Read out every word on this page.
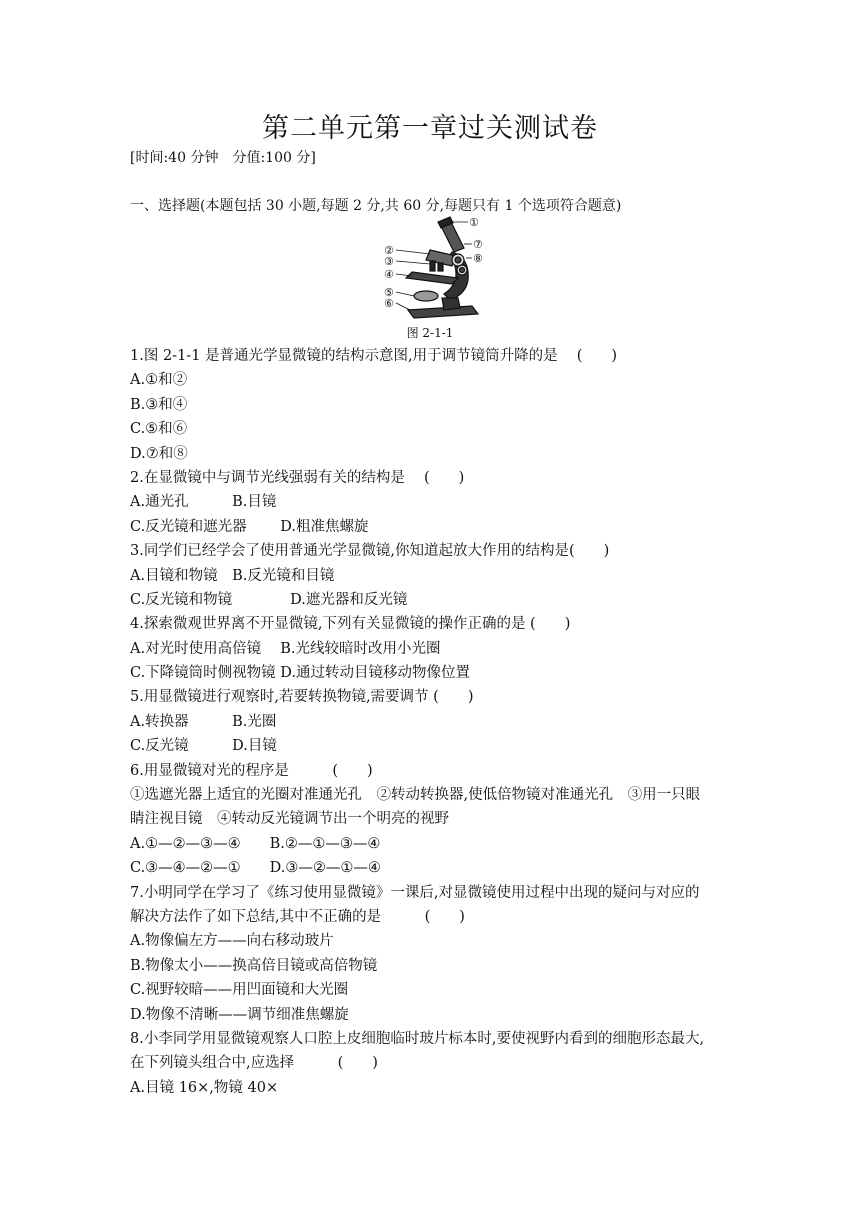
第二单元第一章过关测试卷
[时间:40 分钟　分值:100 分]
一、选择题(本题包括 30 小题,每题 2 分,共 60 分,每题只有 1 个选项符合题意)
①
②
③
④
⑤
⑥
⑦
⑧
图 2-1-1
1.图 2-1-1 是普通光学显微镜的结构示意图,用于调节镜筒升降的是　 (　　)
A.①和②
B.③和④
C.⑤和⑥
D.⑦和⑧
2.在显微镜中与调节光线强弱有关的结构是　 (　　)
A.通光孔　　　B.目镜
C.反光镜和遮光器　　 D.粗准焦螺旋
3.同学们已经学会了使用普通光学显微镜,你知道起放大作用的结构是(　　)
A.目镜和物镜　B.反光镜和目镜
C.反光镜和物镜　　　　D.遮光器和反光镜
4.探索微观世界离不开显微镜,下列有关显微镜的操作正确的是 (　　)
A.对光时使用高倍镜　 B.光线较暗时改用小光圈
C.下降镜筒时侧视物镜 D.通过转动目镜移动物像位置
5.用显微镜进行观察时,若要转换物镜,需要调节 (　　)
A.转换器　　　B.光圈
C.反光镜　　　D.目镜
6.用显微镜对光的程序是　　　(　　)
①选遮光器上适宜的光圈对准通光孔　②转动转换器,使低倍物镜对准通光孔　③用一只眼
睛注视目镜　④转动反光镜调节出一个明亮的视野
A.①—②—③—④　　B.②—①—③—④
C.③—④—②—①　　D.③—②—①—④
7.小明同学在学习了《练习使用显微镜》一课后,对显微镜使用过程中出现的疑问与对应的
解决方法作了如下总结,其中不正确的是　　　(　　)
A.物像偏左方——向右移动玻片
B.物像太小——换高倍目镜或高倍物镜
C.视野较暗——用凹面镜和大光圈
D.物像不清晰——调节细准焦螺旋
8.小李同学用显微镜观察人口腔上皮细胞临时玻片标本时,要使视野内看到的细胞形态最大,
在下列镜头组合中,应选择　　　(　　)
A.目镜 16×,物镜 40×
